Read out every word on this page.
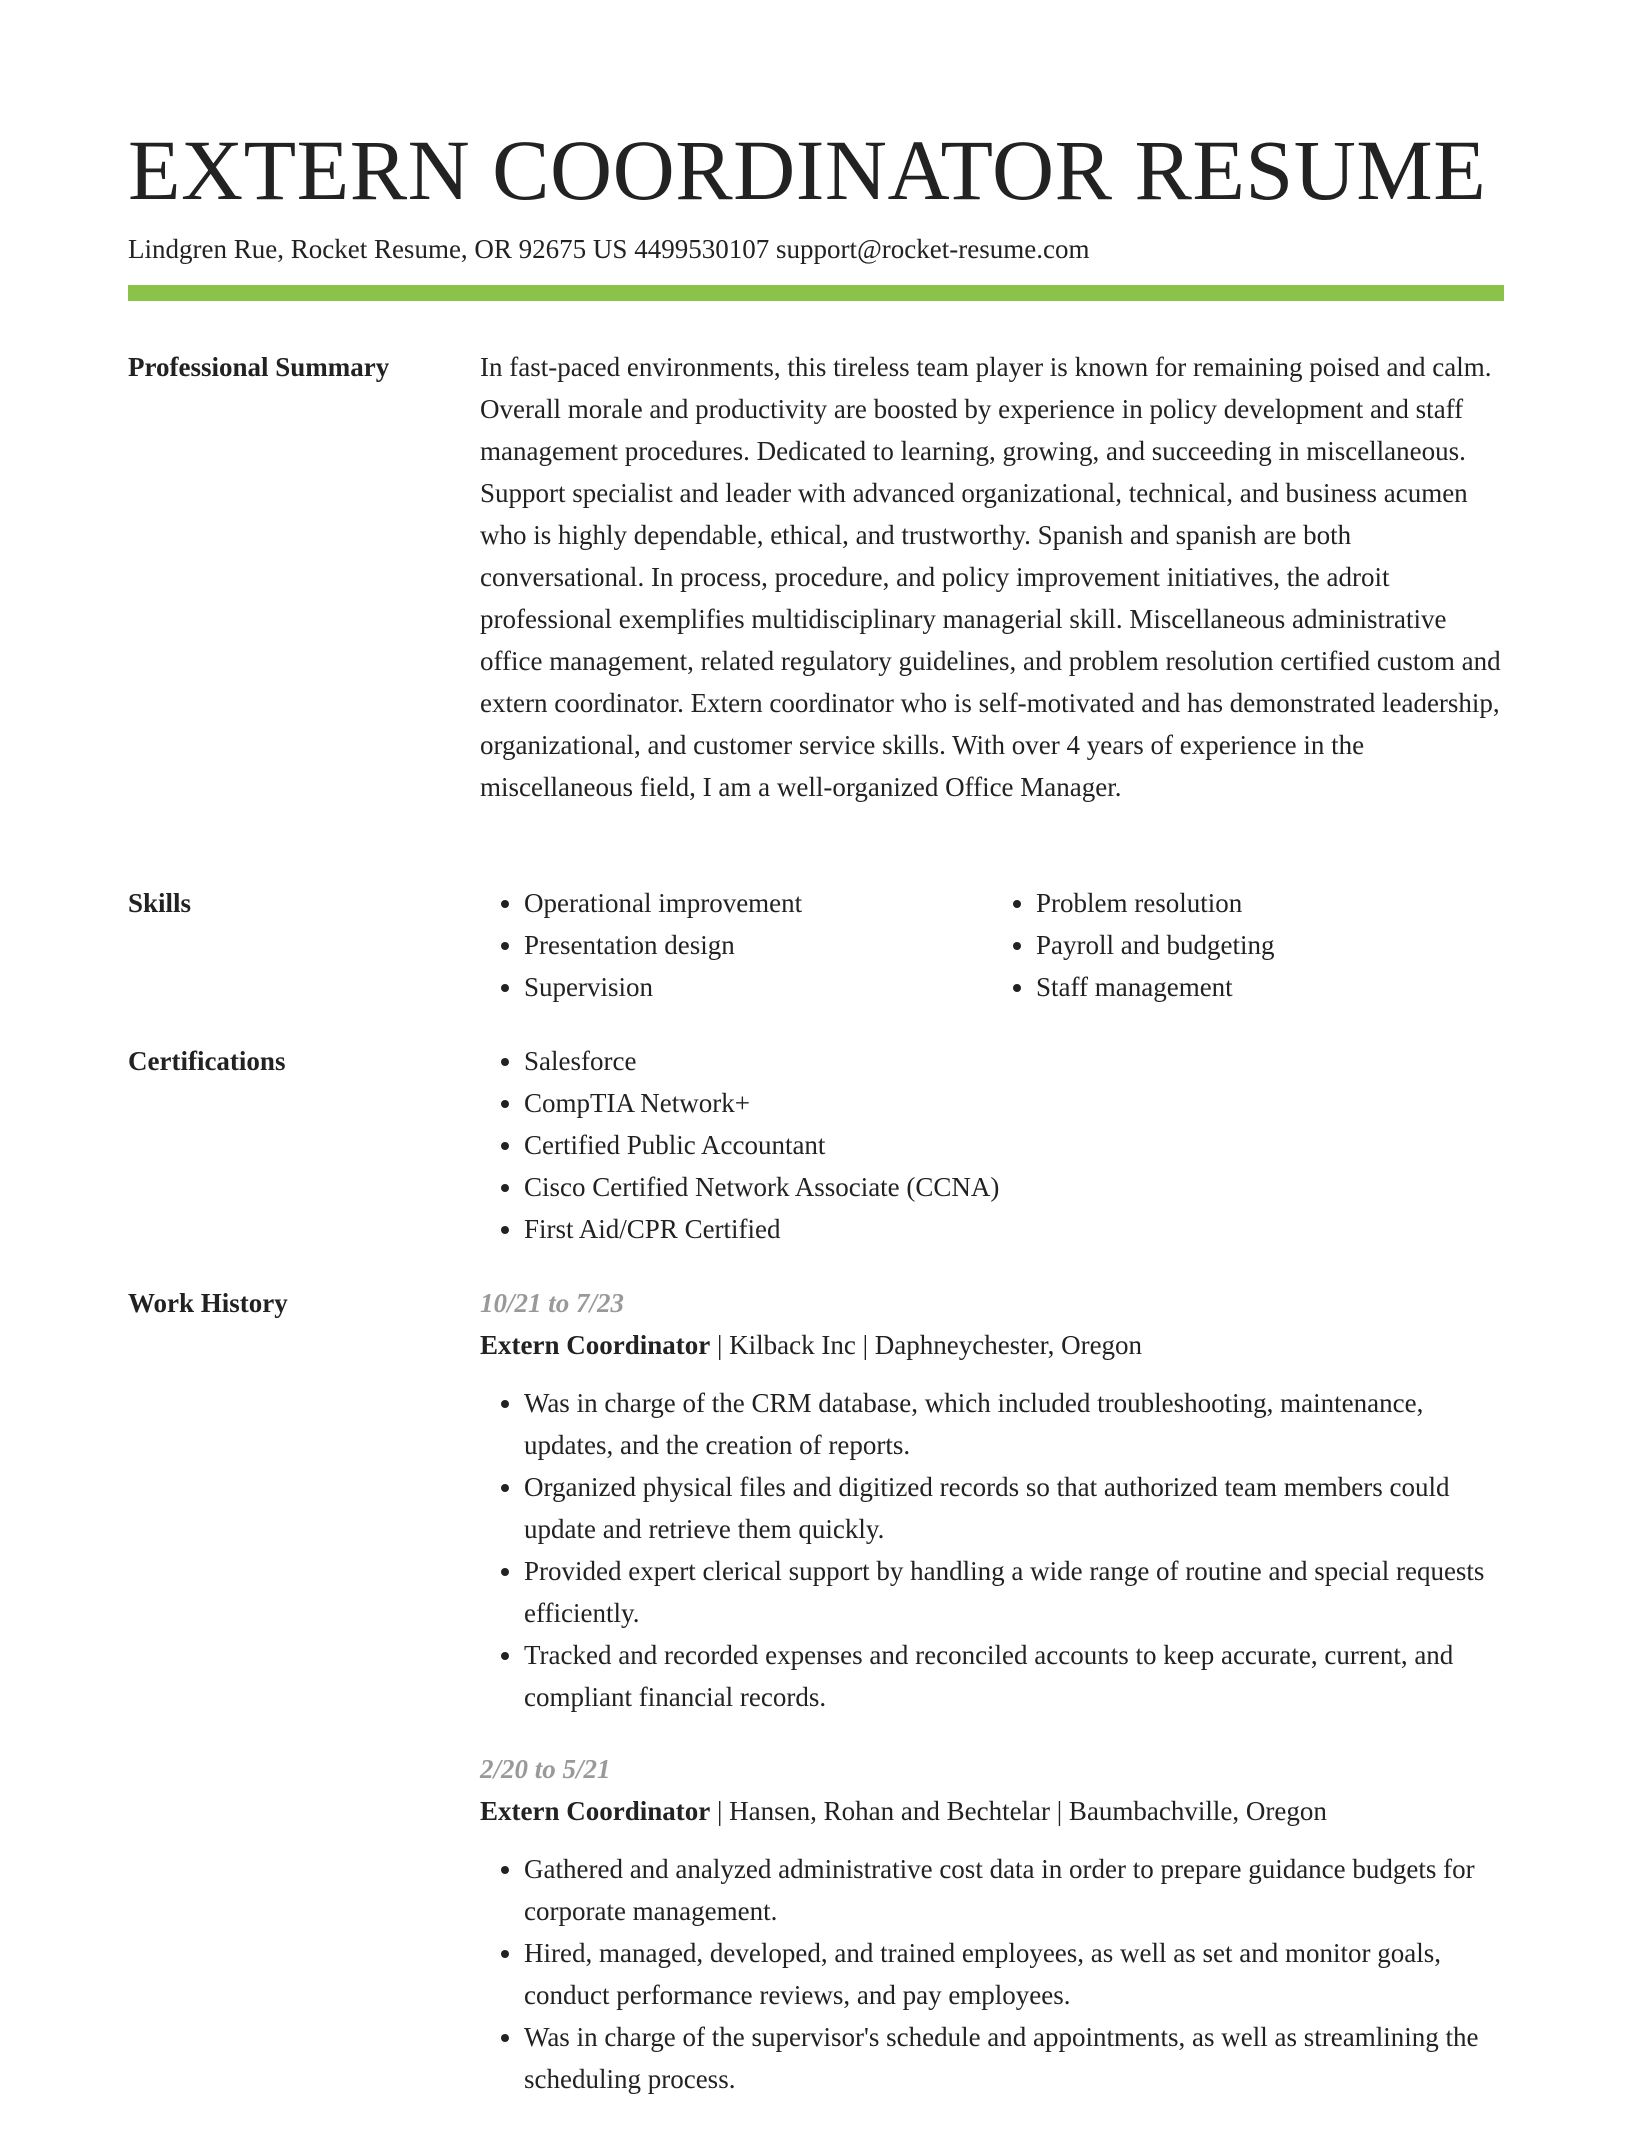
EXTERN COORDINATOR RESUME
Lindgren Rue, Rocket Resume, OR 92675 US 4499530107 support@rocket-resume.com
Professional Summary	In fast-paced environments, this tireless team player is known for remaining poised and calm. Overall morale and productivity are boosted by experience in policy development and staff management procedures. Dedicated to learning, growing, and succeeding in miscellaneous. Support specialist and leader with advanced organizational, technical, and business acumen who is highly dependable, ethical, and trustworthy. Spanish and spanish are both conversational. In process, procedure, and policy improvement initiatives, the adroit professional exemplifies multidisciplinary managerial skill. Miscellaneous administrative office management, related regulatory guidelines, and problem resolution certified custom and extern coordinator. Extern coordinator who is self-motivated and has demonstrated leadership, organizational, and customer service skills. With over 4 years of experience in the miscellaneous field, I am a well-organized Office Manager.

Skills	• Operational improvement
• Presentation design
• Supervision
• Problem resolution
• Payroll and budgeting
• Staff management
Certifications	• Salesforce
• CompTIA Network+
• Certified Public Accountant
• Cisco Certified Network Associate (CCNA)
• First Aid/CPR Certified
Work History	10/21 to 7/23
Extern Coordinator | Kilback Inc | Daphneychester, Oregon
• Was in charge of the CRM database, which included troubleshooting, maintenance, updates, and the creation of reports.
• Organized physical files and digitized records so that authorized team members could update and retrieve them quickly.
• Provided expert clerical support by handling a wide range of routine and special requests efficiently.
• Tracked and recorded expenses and reconciled accounts to keep accurate, current, and compliant financial records.
2/20 to 5/21
Extern Coordinator | Hansen, Rohan and Bechtelar | Baumbachville, Oregon
• Gathered and analyzed administrative cost data in order to prepare guidance budgets for corporate management.
• Hired, managed, developed, and trained employees, as well as set and monitor goals, conduct performance reviews, and pay employees.
• Was in charge of the supervisor's schedule and appointments, as well as streamlining the scheduling process.
